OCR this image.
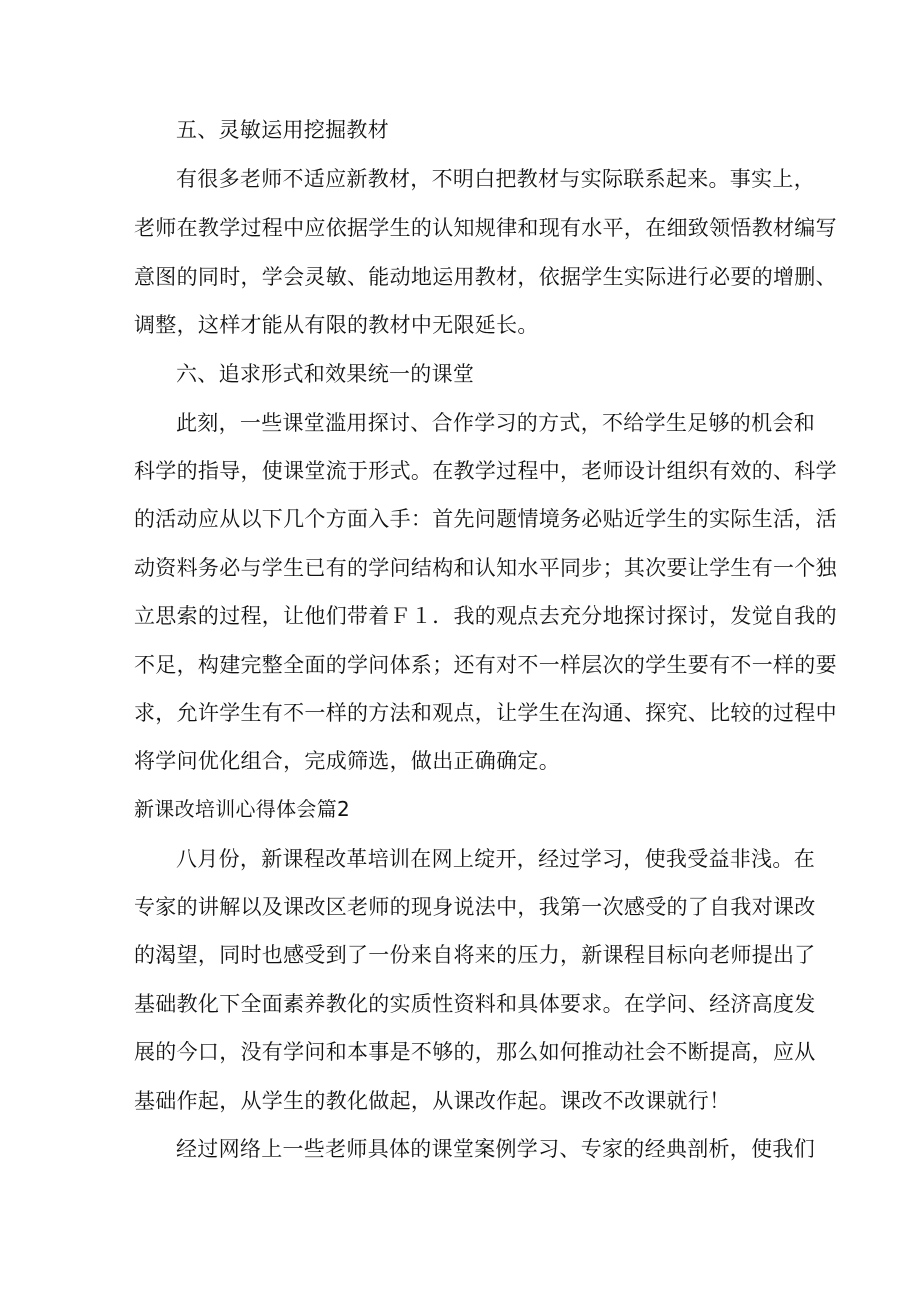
五、灵敏运用挖掘教材
有很多老师不适应新教材，不明白把教材与实际联系起来。事实上，
老师在教学过程中应依据学生的认知规律和现有水平，在细致领悟教材编写
意图的同时，学会灵敏、能动地运用教材，依据学生实际进行必要的增删、
调整，这样才能从有限的教材中无限延长。
六、追求形式和效果统一的课堂
此刻，一些课堂滥用探讨、合作学习的方式，不给学生足够的机会和
科学的指导，使课堂流于形式。在教学过程中，老师设计组织有效的、科学
的活动应从以下几个方面入手：首先问题情境务必贴近学生的实际生活，活
动资料务必与学生已有的学问结构和认知水平同步；其次要让学生有一个独
立思索的过程，让他们带着Ｆ１．我的观点去充分地探讨探讨，发觉自我的
不足，构建完整全面的学问体系；还有对不一样层次的学生要有不一样的要
求，允许学生有不一样的方法和观点，让学生在沟通、探究、比较的过程中
将学问优化组合，完成筛选，做出正确确定。
新课改培训心得体会篇2
八月份，新课程改革培训在网上绽开，经过学习，使我受益非浅。在
专家的讲解以及课改区老师的现身说法中，我第一次感受的了自我对课改
的渴望，同时也感受到了一份来自将来的压力，新课程目标向老师提出了
基础教化下全面素养教化的实质性资料和具体要求。在学问、经济高度发
展的今口，没有学问和本事是不够的，那么如何推动社会不断提高，应从
基础作起，从学生的教化做起，从课改作起。课改不改课就行！
经过网络上一些老师具体的课堂案例学习、专家的经典剖析，使我们
